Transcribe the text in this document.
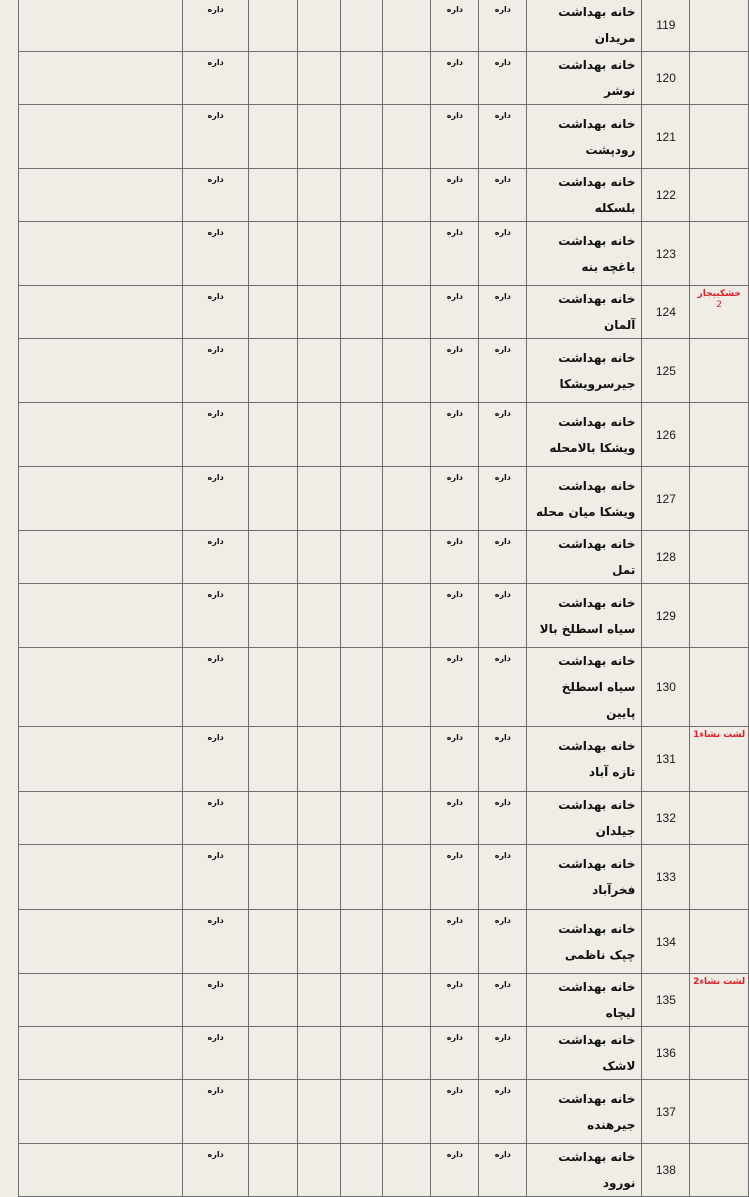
	داره					داره	داره	خانه بهداشت مریدان	119	
	داره					داره	داره	خانه بهداشت نوشر	120	
	داره					داره	داره	خانه بهداشت رودپشت	121	
	داره					داره	داره	خانه بهداشت بلسکله	122	
	داره					داره	داره	خانه بهداشت باغچه بنه	123	
	داره					داره	داره	خانه بهداشت آلمان	124	خشکبیجار
2

	داره					داره	داره	خانه بهداشت جیرسرویشکا	125	
	داره					داره	داره	خانه بهداشت ویشکا بالامحله	126	
	داره					داره	داره	خانه بهداشت ویشکا میان محله	127	
	داره					داره	داره	خانه بهداشت تمل	128	
	داره					داره	داره	خانه بهداشت سیاه اسطلخ بالا	129	
	داره					داره	داره	خانه بهداشت سیاه اسطلخ پایین	130	
	داره					داره	داره	خانه بهداشت تازه آباد	131	لشت نشاء1

	داره					داره	داره	خانه بهداشت جیلدان	132	
	داره					داره	داره	خانه بهداشت فخرآباد	133	
	داره					داره	داره	خانه بهداشت چپک ناظمی	134	
	داره					داره	داره	خانه بهداشت لیچاه	135	لشت نشاء2

	داره					داره	داره	خانه بهداشت لاشک	136	
	داره					داره	داره	خانه بهداشت جیرهنده	137	
	داره					داره	داره	خانه بهداشت نورود	138	
